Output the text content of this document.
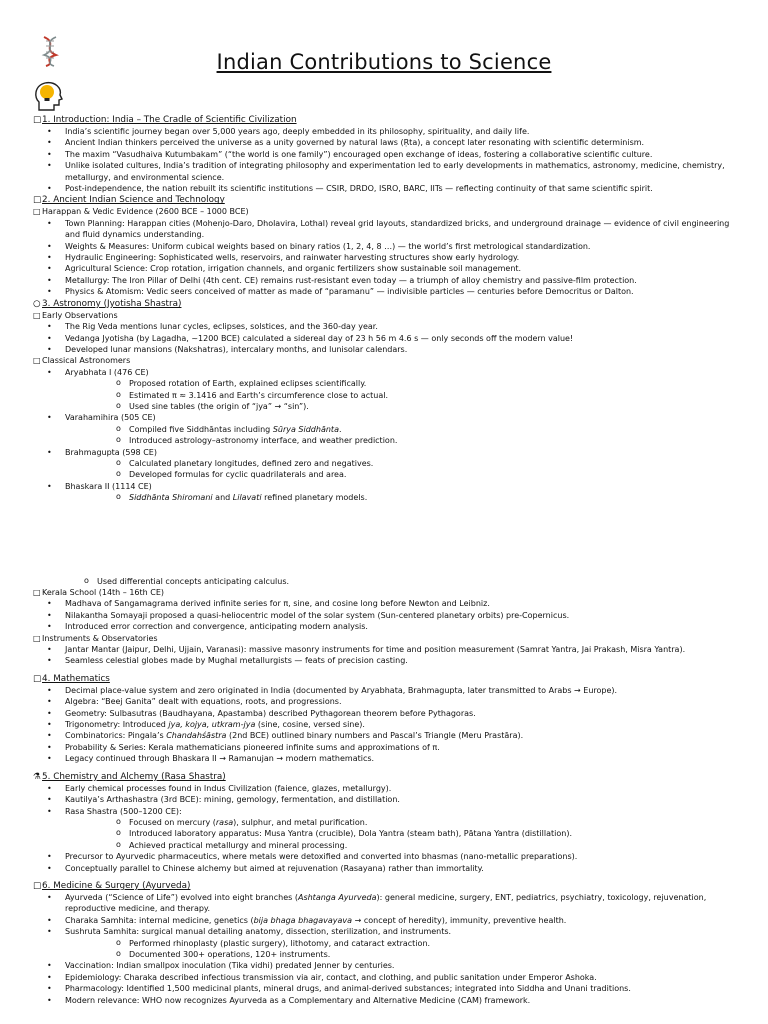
Indian Contributions to Science
□1. Introduction: India – The Cradle of Scientific Civilization
• India’s scientific journey began over 5,000 years ago, deeply embedded in its philosophy, spirituality, and daily life.
• Ancient Indian thinkers perceived the universe as a unity governed by natural laws (Ṛtа), a concept later resonating with scientific determinism.
• The maxim “Vasudhaiva Kutumbakam” (“the world is one family”) encouraged open exchange of ideas, fostering a collaborative scientific culture.
• Unlike isolated cultures, India’s tradition of integrating philosophy and experimentation led to early developments in mathematics, astronomy, medicine, chemistry, metallurgy, and environmental science.
• Post-independence, the nation rebuilt its scientific institutions — CSIR, DRDO, ISRO, BARC, IITs — reflecting continuity of that same scientific spirit.
□2. Ancient Indian Science and Technology
□Harappan & Vedic Evidence (2600 BCE – 1000 BCE)
• Town Planning: Harappan cities (Mohenjo-Daro, Dholavira, Lothal) reveal grid layouts, standardized bricks, and underground drainage — evidence of civil engineering and fluid dynamics understanding.
• Weights & Measures: Uniform cubical weights based on binary ratios (1, 2, 4, 8 …) — the world’s first metrological standardization.
• Hydraulic Engineering: Sophisticated wells, reservoirs, and rainwater harvesting structures show early hydrology.
• Agricultural Science: Crop rotation, irrigation channels, and organic fertilizers show sustainable soil management.
• Metallurgy: The Iron Pillar of Delhi (4th cent. CE) remains rust-resistant even today — a triumph of alloy chemistry and passive-film protection.
• Physics & Atomism: Vedic seers conceived of matter as made of “paramanu” — indivisible particles — centuries before Democritus or Dalton.
○3. Astronomy (Jyotisha Shastra)
□Early Observations
• The Rig Veda mentions lunar cycles, eclipses, solstices, and the 360-day year.
• Vedanga Jyotisha (by Lagadha, ~1200 BCE) calculated a sidereal day of 23 h 56 m 4.6 s — only seconds off the modern value!
• Developed lunar mansions (Nakshatras), intercalary months, and lunisolar calendars.
□Classical Astronomers
• Aryabhata I (476 CE)
o Proposed rotation of Earth, explained eclipses scientifically.
o Estimated π ≈ 3.1416 and Earth’s circumference close to actual.
o Used sine tables (the origin of “jya” → “sin”).
• Varahamihira (505 CE)
o Compiled five Siddhāntas including Sūrya Siddhānta.
o Introduced astrology–astronomy interface, and weather prediction.
• Brahmagupta (598 CE)
o Calculated planetary longitudes, defined zero and negatives.
o Developed formulas for cyclic quadrilaterals and area.
• Bhaskara II (1114 CE)
o Siddhānta Shiromani and Lilavati refined planetary models.
o Used differential concepts anticipating calculus.
□Kerala School (14th – 16th CE)
• Madhava of Sangamagrama derived infinite series for π, sine, and cosine long before Newton and Leibniz.
• Nilakantha Somayaji proposed a quasi-heliocentric model of the solar system (Sun-centered planetary orbits) pre-Copernicus.
• Introduced error correction and convergence, anticipating modern analysis.
□Instruments & Observatories
• Jantar Mantar (Jaipur, Delhi, Ujjain, Varanasi): massive masonry instruments for time and position measurement (Samrat Yantra, Jai Prakash, Misra Yantra).
• Seamless celestial globes made by Mughal metallurgists — feats of precision casting.
□4. Mathematics
• Decimal place-value system and zero originated in India (documented by Aryabhata, Brahmagupta, later transmitted to Arabs → Europe).
• Algebra: “Beej Ganita” dealt with equations, roots, and progressions.
• Geometry: Sulbasutras (Baudhayana, Apastamba) described Pythagorean theorem before Pythagoras.
• Trigonometry: Introduced jya, kojya, utkram-jya (sine, cosine, versed sine).
• Combinatorics: Pingala’s Chandahśāstra (2nd BCE) outlined binary numbers and Pascal’s Triangle (Meru Prastāra).
• Probability & Series: Kerala mathematicians pioneered infinite sums and approximations of π.
• Legacy continued through Bhaskara II → Ramanujan → modern mathematics.
⚗5. Chemistry and Alchemy (Rasa Shastra)
• Early chemical processes found in Indus Civilization (faience, glazes, metallurgy).
• Kautilya’s Arthashastra (3rd BCE): mining, gemology, fermentation, and distillation.
• Rasa Shastra (500–1200 CE):
o Focused on mercury (rasa), sulphur, and metal purification.
o Introduced laboratory apparatus: Musa Yantra (crucible), Dola Yantra (steam bath), Pātana Yantra (distillation).
o Achieved practical metallurgy and mineral processing.
• Precursor to Ayurvedic pharmaceutics, where metals were detoxified and converted into bhasmas (nano-metallic preparations).
• Conceptually parallel to Chinese alchemy but aimed at rejuvenation (Rasayana) rather than immortality.
□6. Medicine & Surgery (Ayurveda)
• Ayurveda (“Science of Life”) evolved into eight branches (Ashtanga Ayurveda): general medicine, surgery, ENT, pediatrics, psychiatry, toxicology, rejuvenation, reproductive medicine, and therapy.
• Charaka Samhita: internal medicine, genetics (bija bhaga bhagavayava → concept of heredity), immunity, preventive health.
• Sushruta Samhita: surgical manual detailing anatomy, dissection, sterilization, and instruments.
o Performed rhinoplasty (plastic surgery), lithotomy, and cataract extraction.
o Documented 300+ operations, 120+ instruments.
• Vaccination: Indian smallpox inoculation (Tika vidhi) predated Jenner by centuries.
• Epidemiology: Charaka described infectious transmission via air, contact, and clothing, and public sanitation under Emperor Ashoka.
• Pharmacology: Identified 1,500 medicinal plants, mineral drugs, and animal-derived substances; integrated into Siddha and Unani traditions.
• Modern relevance: WHO now recognizes Ayurveda as a Complementary and Alternative Medicine (CAM) framework.
